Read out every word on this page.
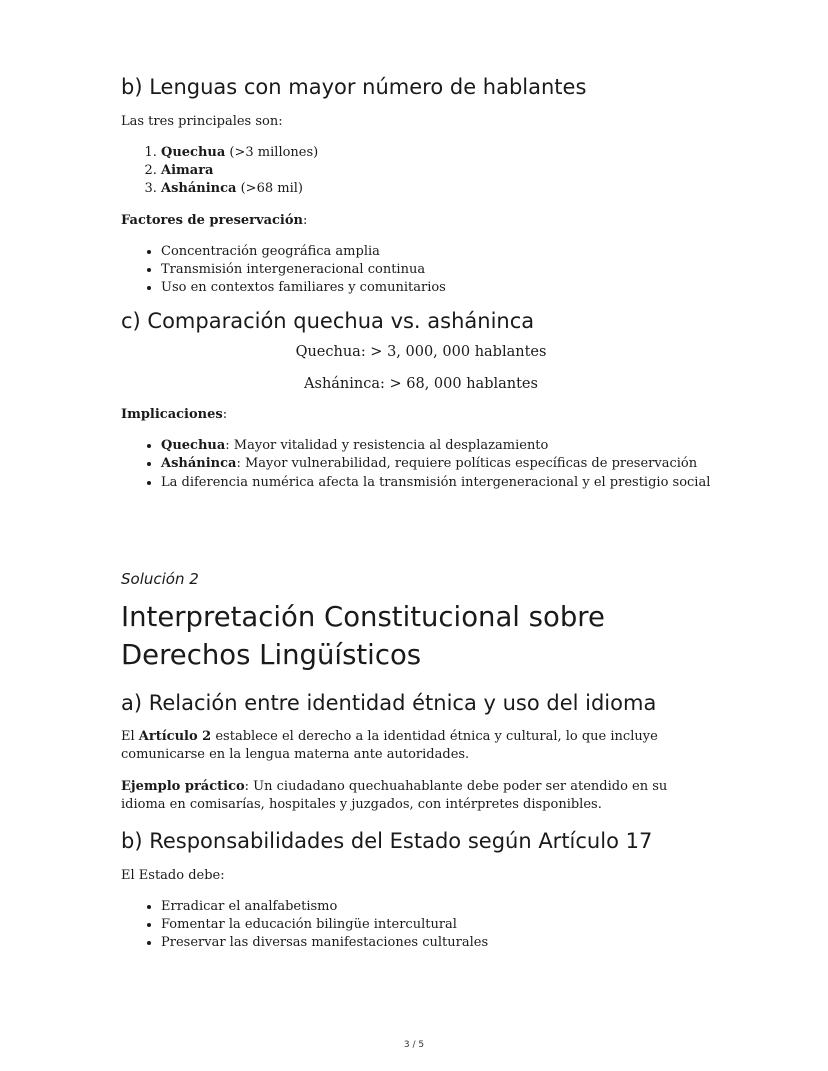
b) Lenguas con mayor número de hablantes

Las tres principales son:

1. Quechua (>3 millones)
2. Aimara
3. Asháninca (>68 mil)

Factores de preservación:

• Concentración geográfica amplia
• Transmisión intergeneracional continua
• Uso en contextos familiares y comunitarios
c) Comparación quechua vs. asháninca
Quechua: > 3, 000, 000 hablantes
Asháninca: > 68, 000 hablantes

Implicaciones:

• Quechua: Mayor vitalidad y resistencia al desplazamiento
• Asháninca: Mayor vulnerabilidad, requiere políticas específicas de preservación
• La diferencia numérica afecta la transmisión intergeneracional y el prestigio social
Solución 2
Interpretación Constitucional sobre Derechos Lingüísticos
a) Relación entre identidad étnica y uso del idioma

El Artículo 2 establece el derecho a la identidad étnica y cultural, lo que incluye comunicarse en la lengua materna ante autoridades.

Ejemplo práctico: Un ciudadano quechuahablante debe poder ser atendido en su idioma en comisarías, hospitales y juzgados, con intérpretes disponibles.

b) Responsabilidades del Estado según Artículo 17

El Estado debe:

• Erradicar el analfabetismo
• Fomentar la educación bilingüe intercultural
• Preservar las diversas manifestaciones culturales
3 / 5
